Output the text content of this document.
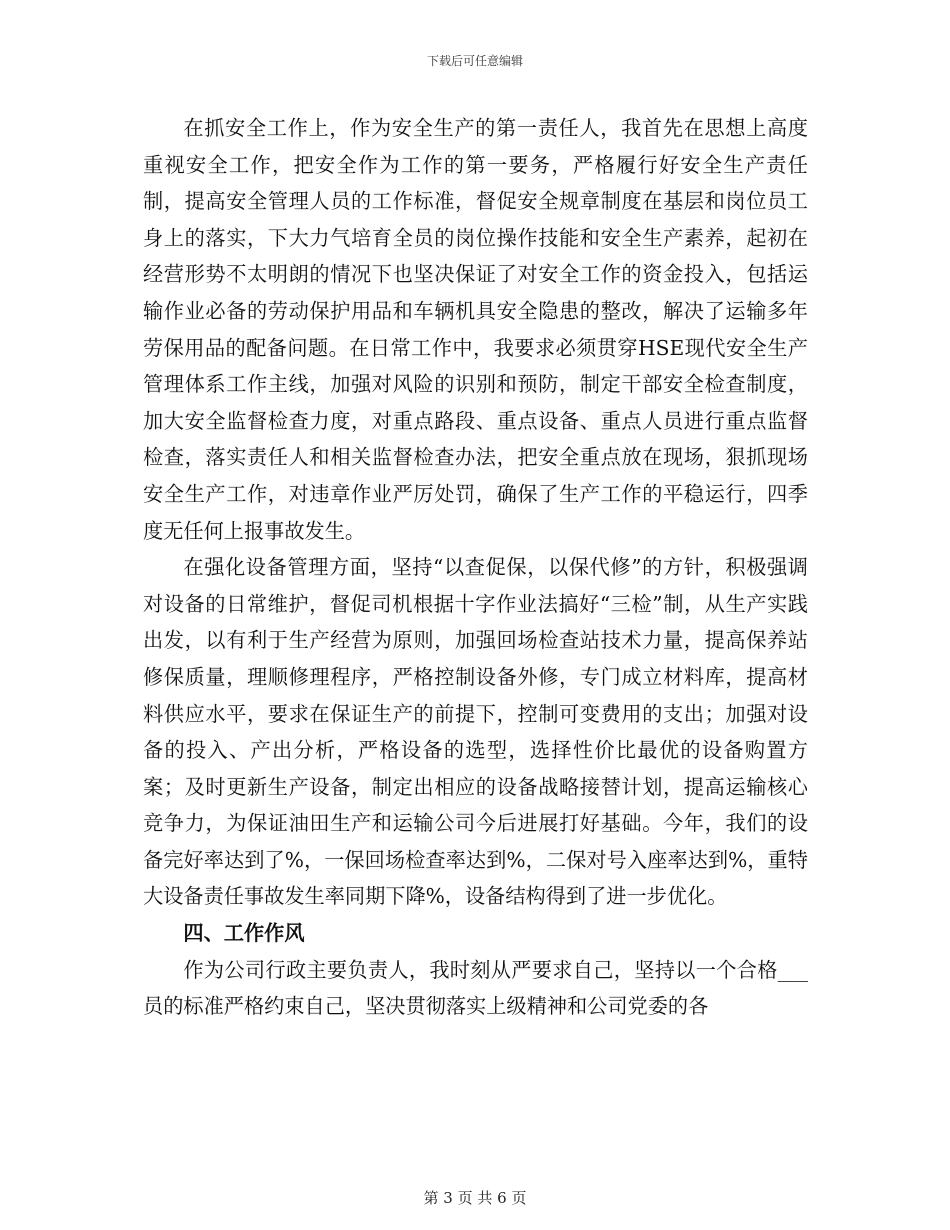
下载后可任意编辑

在抓安全工作上，作为安全生产的第一责任人，我首先在思想上高度重视安全工作，把安全作为工作的第一要务，严格履行好安全生产责任制，提高安全管理人员的工作标准，督促安全规章制度在基层和岗位员工身上的落实，下大力气培育全员的岗位操作技能和安全生产素养，起初在经营形势不太明朗的情况下也坚决保证了对安全工作的资金投入，包括运输作业必备的劳动保护用品和车辆机具安全隐患的整改，解决了运输多年劳保用品的配备问题。在日常工作中，我要求必须贯穿HSE现代安全生产管理体系工作主线，加强对风险的识别和预防，制定干部安全检查制度，加大安全监督检查力度，对重点路段、重点设备、重点人员进行重点监督检查，落实责任人和相关监督检查办法，把安全重点放在现场，狠抓现场安全生产工作，对违章作业严厉处罚，确保了生产工作的平稳运行，四季度无任何上报事故发生。

在强化设备管理方面，坚持“以查促保，以保代修”的方针，积极强调对设备的日常维护，督促司机根据十字作业法搞好“三检”制，从生产实践出发，以有利于生产经营为原则，加强回场检查站技术力量，提高保养站修保质量，理顺修理程序，严格控制设备外修，专门成立材料库，提高材料供应水平，要求在保证生产的前提下，控制可变费用的支出；加强对设备的投入、产出分析，严格设备的选型，选择性价比最优的设备购置方案；及时更新生产设备，制定出相应的设备战略接替计划，提高运输核心竞争力，为保证油田生产和运输公司今后进展打好基础。今年，我们的设备完好率达到了%，一保回场检查率达到%，二保对号入座率达到%，重特大设备责任事故发生率同期下降%，设备结构得到了进一步优化。

四、工作作风

作为公司行政主要负责人，我时刻从严要求自己，坚持以一个合格___员的标准严格约束自己，坚决贯彻落实上级精神和公司党委的各

第 3 页 共 6 页
